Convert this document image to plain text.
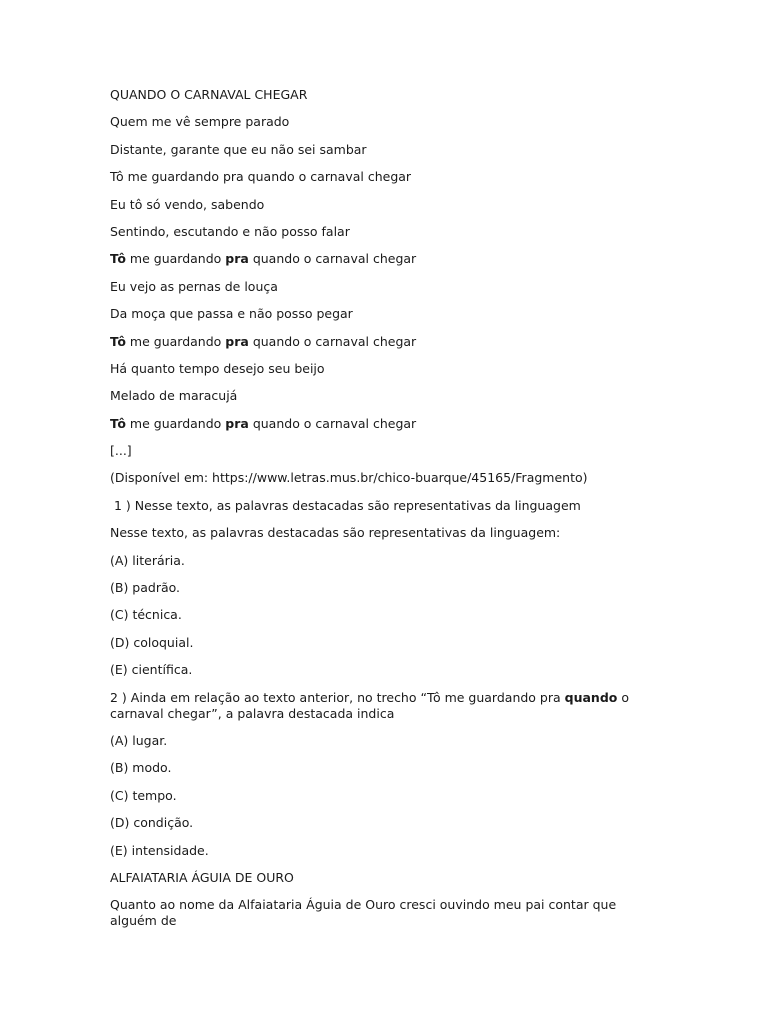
QUANDO O CARNAVAL CHEGAR

Quem me vê sempre parado

Distante, garante que eu não sei sambar

Tô me guardando pra quando o carnaval chegar

Eu tô só vendo, sabendo

Sentindo, escutando e não posso falar

Tô me guardando pra quando o carnaval chegar

Eu vejo as pernas de louça

Da moça que passa e não posso pegar

Tô me guardando pra quando o carnaval chegar

Há quanto tempo desejo seu beijo

Melado de maracujá

Tô me guardando pra quando o carnaval chegar

[...]

(Disponível em: https://www.letras.mus.br/chico-buarque/45165/Fragmento)

1 ) Nesse texto, as palavras destacadas são representativas da linguagem

Nesse texto, as palavras destacadas são representativas da linguagem:

(A) literária.

(B) padrão.

(C) técnica.

(D) coloquial.

(E) científica.

2 ) Ainda em relação ao texto anterior, no trecho “Tô me guardando pra quando o carnaval chegar”, a palavra destacada indica

(A) lugar.

(B) modo.

(C) tempo.

(D) condição.

(E) intensidade.

ALFAIATARIA ÁGUIA DE OURO

Quanto ao nome da Alfaiataria Águia de Ouro cresci ouvindo meu pai contar que alguém de
